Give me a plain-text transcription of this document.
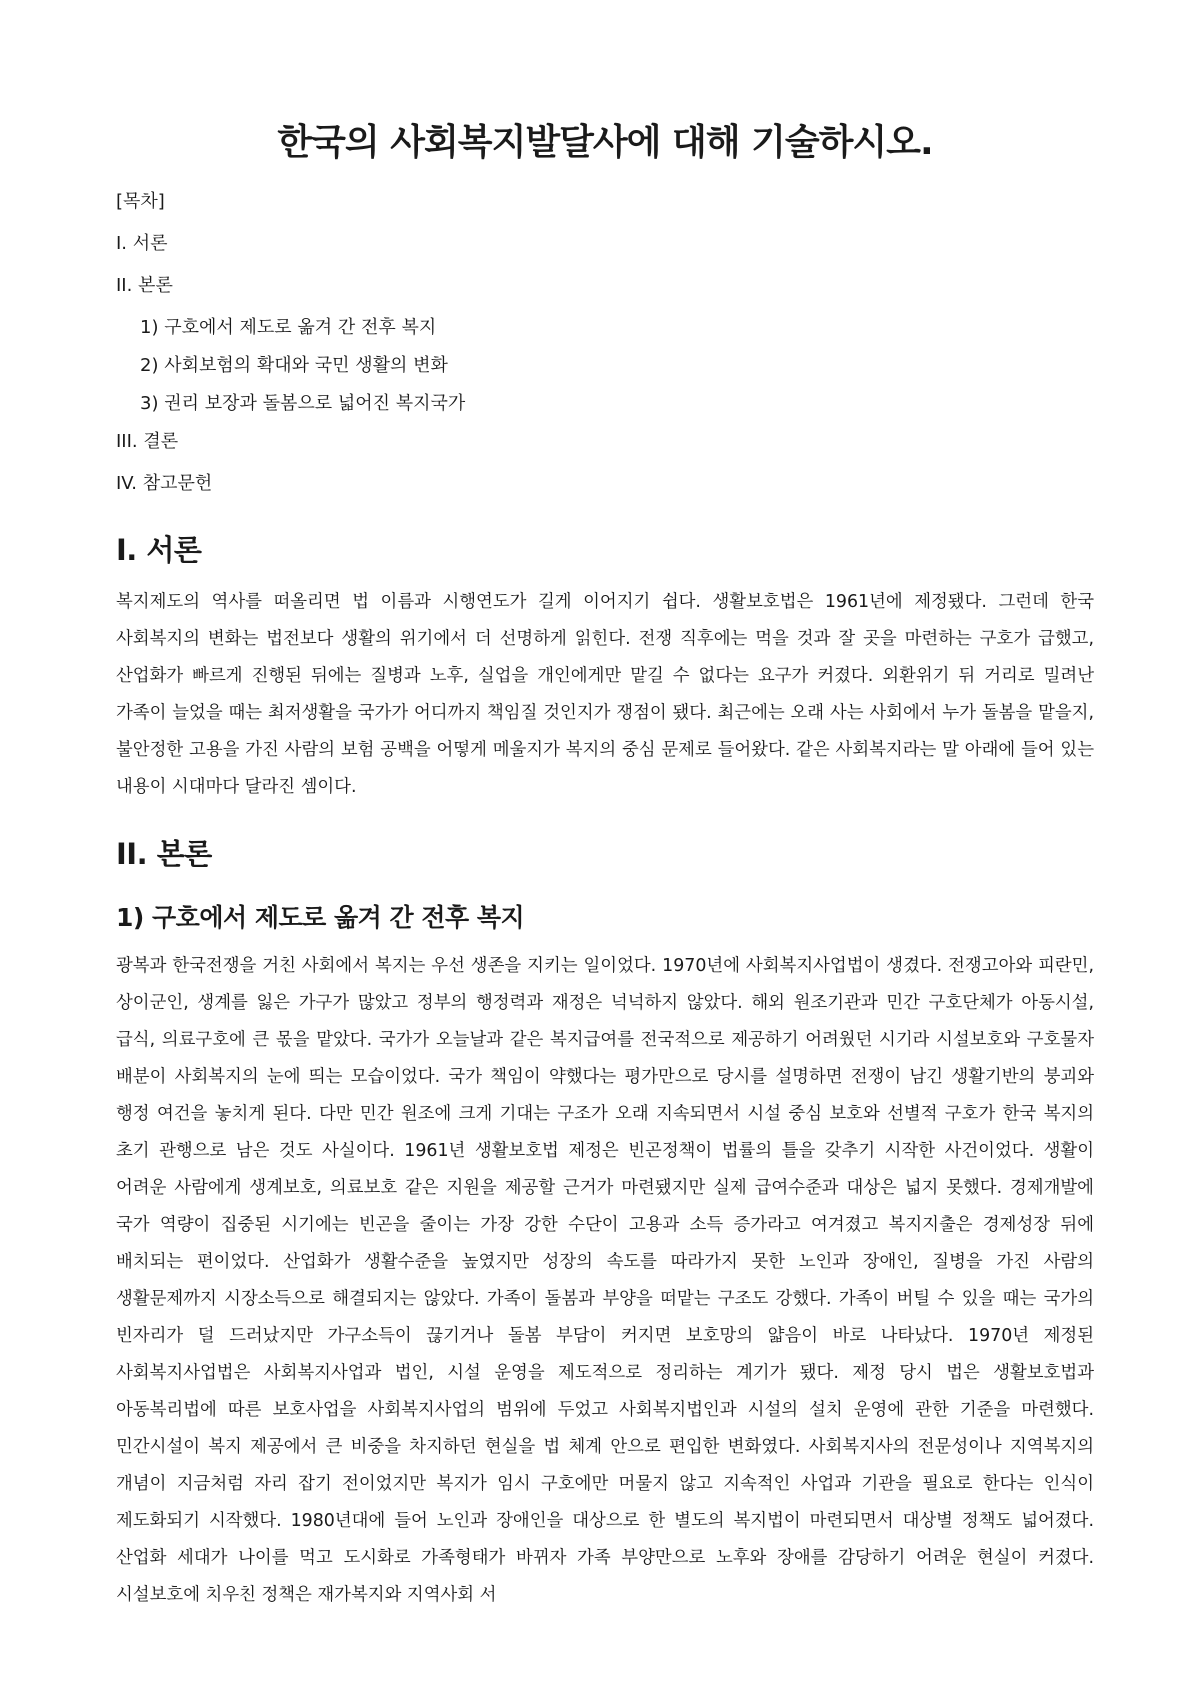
한국의 사회복지발달사에 대해 기술하시오.
[목차]
I. 서론
II. 본론
1) 구호에서 제도로 옮겨 간 전후 복지
2) 사회보험의 확대와 국민 생활의 변화
3) 권리 보장과 돌봄으로 넓어진 복지국가
III. 결론
IV. 참고문헌
I. 서론

복지제도의 역사를 떠올리면 법 이름과 시행연도가 길게 이어지기 쉽다. 생활보호법은 1961년에 제정됐다. 그런데 한국 사회복지의 변화는 법전보다 생활의 위기에서 더 선명하게 읽힌다. 전쟁 직후에는 먹을 것과 잘 곳을 마련하는 구호가 급했고, 산업화가 빠르게 진행된 뒤에는 질병과 노후, 실업을 개인에게만 맡길 수 없다는 요구가 커졌다. 외환위기 뒤 거리로 밀려난 가족이 늘었을 때는 최저생활을 국가가 어디까지 책임질 것인지가 쟁점이 됐다. 최근에는 오래 사는 사회에서 누가 돌봄을 맡을지, 불안정한 고용을 가진 사람의 보험 공백을 어떻게 메울지가 복지의 중심 문제로 들어왔다. 같은 사회복지라는 말 아래에 들어 있는 내용이 시대마다 달라진 셈이다.

II. 본론
1) 구호에서 제도로 옮겨 간 전후 복지

광복과 한국전쟁을 거친 사회에서 복지는 우선 생존을 지키는 일이었다. 1970년에 사회복지사업법이 생겼다. 전쟁고아와 피란민, 상이군인, 생계를 잃은 가구가 많았고 정부의 행정력과 재정은 넉넉하지 않았다. 해외 원조기관과 민간 구호단체가 아동시설, 급식, 의료구호에 큰 몫을 맡았다. 국가가 오늘날과 같은 복지급여를 전국적으로 제공하기 어려웠던 시기라 시설보호와 구호물자 배분이 사회복지의 눈에 띄는 모습이었다. 국가 책임이 약했다는 평가만으로 당시를 설명하면 전쟁이 남긴 생활기반의 붕괴와 행정 여건을 놓치게 된다. 다만 민간 원조에 크게 기대는 구조가 오래 지속되면서 시설 중심 보호와 선별적 구호가 한국 복지의 초기 관행으로 남은 것도 사실이다. 1961년 생활보호법 제정은 빈곤정책이 법률의 틀을 갖추기 시작한 사건이었다. 생활이 어려운 사람에게 생계보호, 의료보호 같은 지원을 제공할 근거가 마련됐지만 실제 급여수준과 대상은 넓지 못했다. 경제개발에 국가 역량이 집중된 시기에는 빈곤을 줄이는 가장 강한 수단이 고용과 소득 증가라고 여겨졌고 복지지출은 경제성장 뒤에 배치되는 편이었다. 산업화가 생활수준을 높였지만 성장의 속도를 따라가지 못한 노인과 장애인, 질병을 가진 사람의 생활문제까지 시장소득으로 해결되지는 않았다. 가족이 돌봄과 부양을 떠맡는 구조도 강했다. 가족이 버틸 수 있을 때는 국가의 빈자리가 덜 드러났지만 가구소득이 끊기거나 돌봄 부담이 커지면 보호망의 얇음이 바로 나타났다. 1970년 제정된 사회복지사업법은 사회복지사업과 법인, 시설 운영을 제도적으로 정리하는 계기가 됐다. 제정 당시 법은 생활보호법과 아동복리법에 따른 보호사업을 사회복지사업의 범위에 두었고 사회복지법인과 시설의 설치 운영에 관한 기준을 마련했다. 민간시설이 복지 제공에서 큰 비중을 차지하던 현실을 법 체계 안으로 편입한 변화였다. 사회복지사의 전문성이나 지역복지의 개념이 지금처럼 자리 잡기 전이었지만 복지가 임시 구호에만 머물지 않고 지속적인 사업과 기관을 필요로 한다는 인식이 제도화되기 시작했다. 1980년대에 들어 노인과 장애인을 대상으로 한 별도의 복지법이 마련되면서 대상별 정책도 넓어졌다. 산업화 세대가 나이를 먹고 도시화로 가족형태가 바뀌자 가족 부양만으로 노후와 장애를 감당하기 어려운 현실이 커졌다. 시설보호에 치우친 정책은 재가복지와 지역사회 서
